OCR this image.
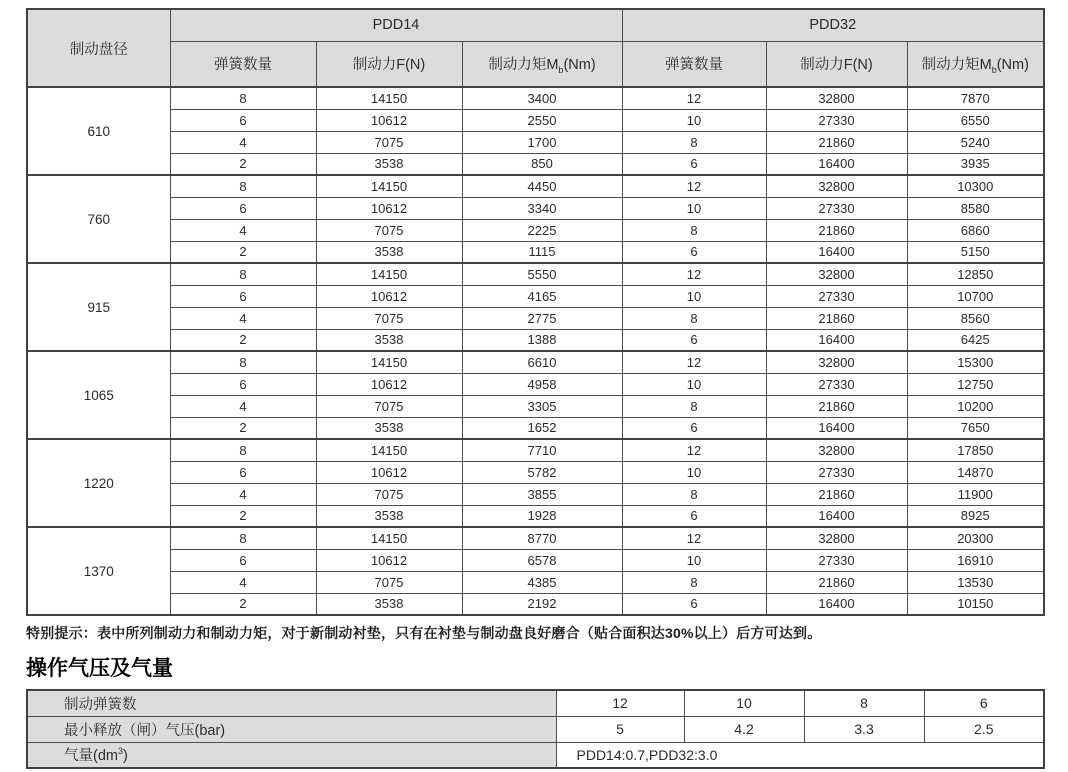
制动盘径	PDD14			PDD32		
	弹簧数量	制动力F(N)	制动力矩$M_b(Nm)$	弹簧数量	制动力F(N)	制动力矩$M_b(Nm)$
610	8	14150	3400	12	32800	7870
	6	10612	2550	10	27330	6550
	4	7075	1700	8	21860	5240
	2	3538	850	6	16400	3935
760	8	14150	4450	12	32800	10300
	6	10612	3340	10	27330	8580
	4	7075	2225	8	21860	6860
	2	3538	1115	6	16400	5150
915	8	14150	5550	12	32800	12850
	6	10612	4165	10	27330	10700
	4	7075	2775	8	21860	8560
	2	3538	1388	6	16400	6425
1065	8	14150	6610	12	32800	15300
	6	10612	4958	10	27330	12750
	4	7075	3305	8	21860	10200
	2	3538	1652	6	16400	7650
1220	8	14150	7710	12	32800	17850
	6	10612	5782	10	27330	14870
	4	7075	3855	8	21860	11900
	2	3538	1928	6	16400	8925
1370	8	14150	8770	12	32800	20300
	6	10612	6578	10	27330	16910
	4	7075	4385	8	21860	13530
	2	3538	2192	6	16400	10150

特别提示：表中所列制动力和制动力矩，对于新制动衬垫，只有在衬垫与制动盘良好磨合（贴合面积达30%以上）后方可达到。

操作气压及气量
制动弹簧数	12	10	8	6
最小释放（闸）气压(bar)	5	4.2	3.3	2.5
气量$(dm^3)$	PDD14:0.7,PDD32:3.0			
